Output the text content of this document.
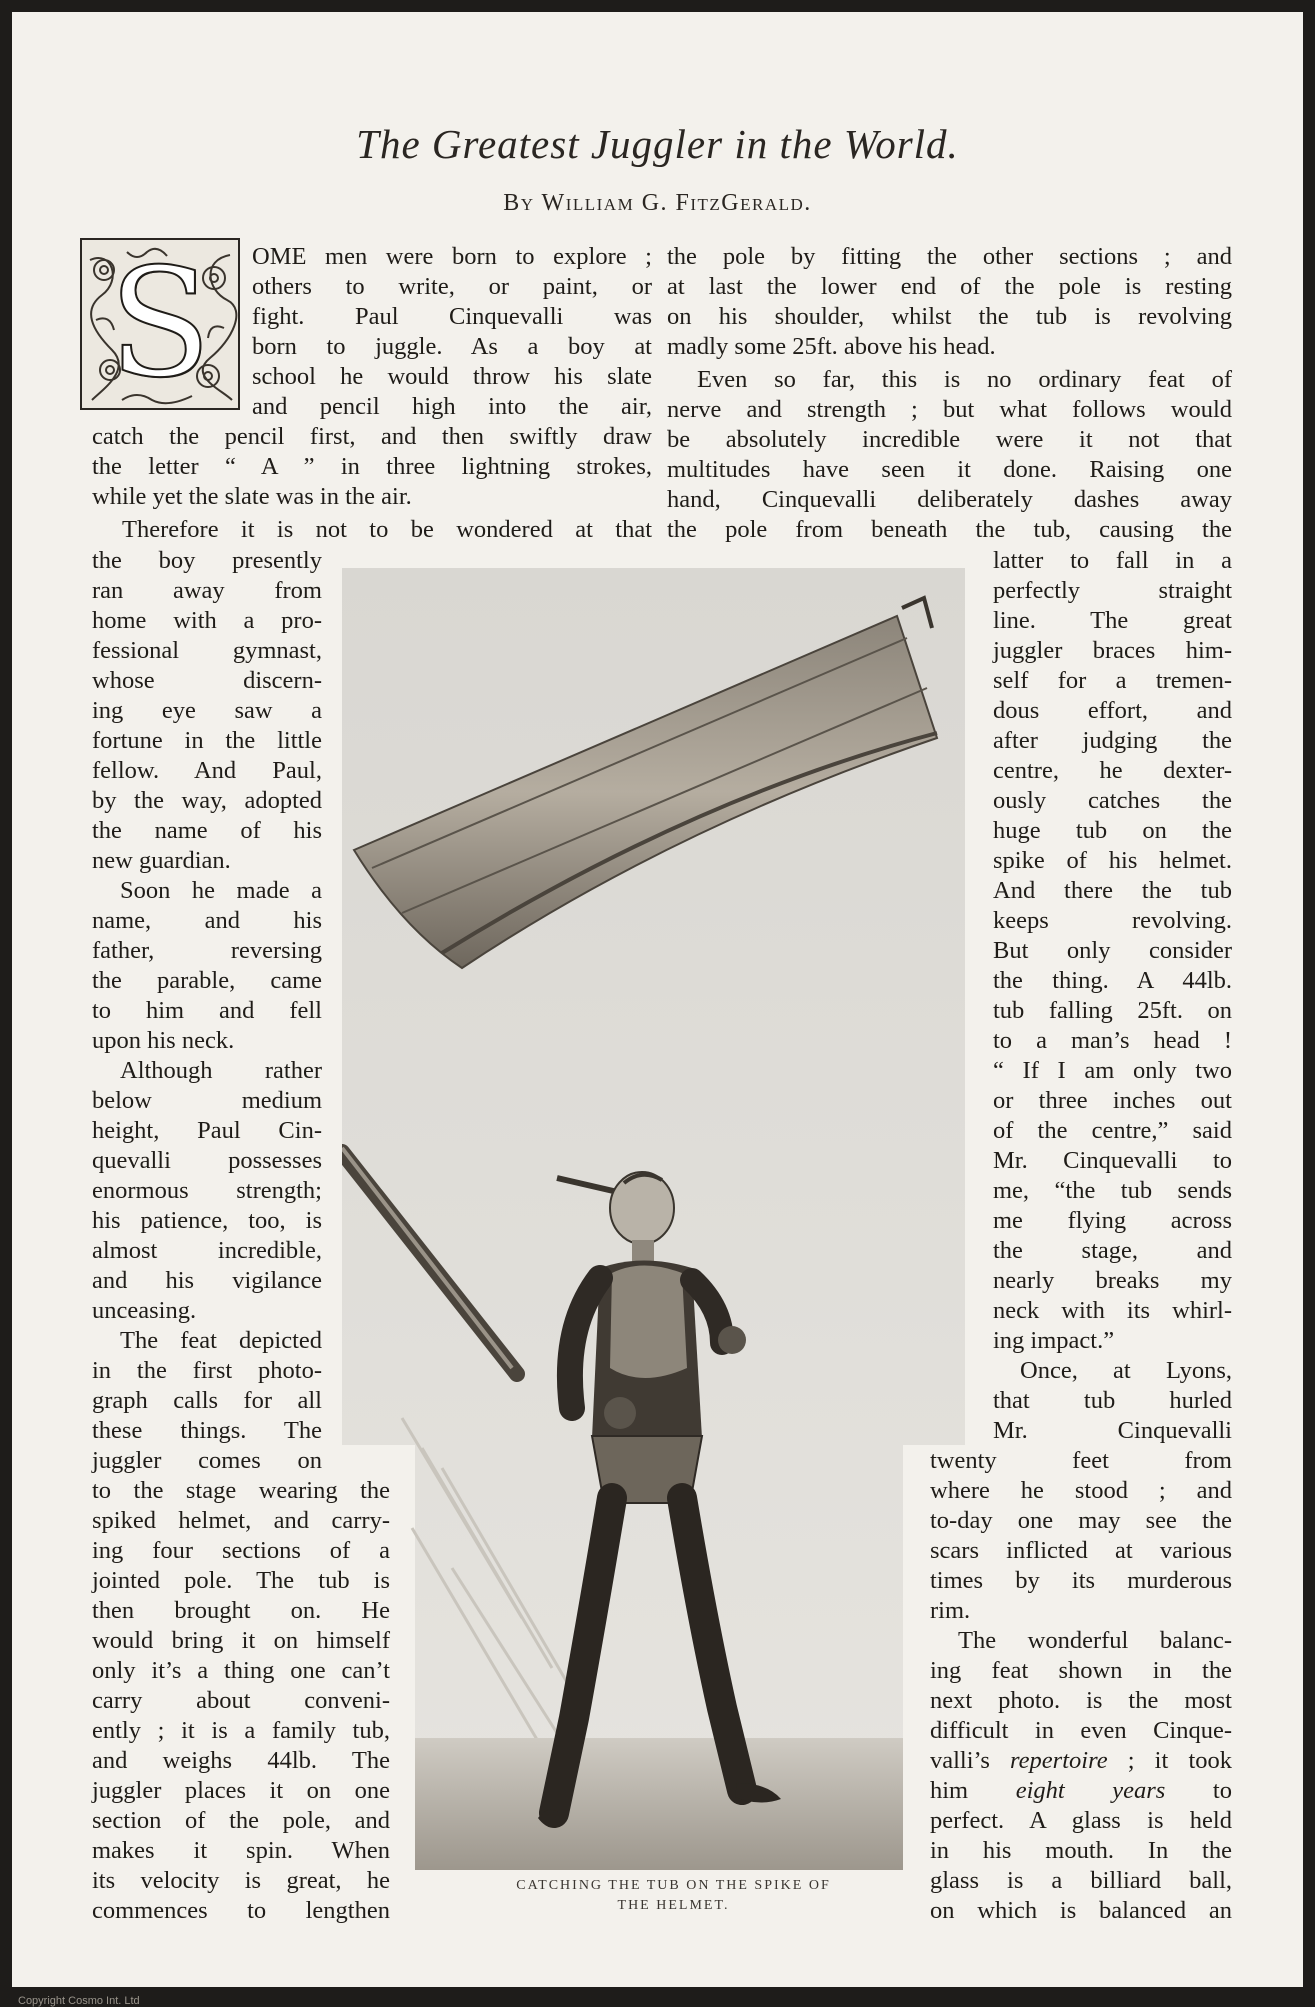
The Greatest Juggler in the World.
By William G. FitzGerald.
S	OME men were born to explore ;
others to write, or paint, or
fight. Paul Cinquevalli was
born to juggle. As a boy at
school he would throw his slate
and pencil high into the air,
catch the pencil first, and then swiftly draw
the letter “ A ” in three lightning strokes,
while yet the slate was in the air.
Therefore it is not to be wondered at that
the boy presently
ran away from
home with a pro-
fessional gymnast,
whose discern-
ing eye saw a
fortune in the little
fellow. And Paul,
by the way, adopted
the name of his
new guardian.
Soon he made a
name, and his
father, reversing
the parable, came
to him and fell
upon his neck.
Although rather
below medium
height, Paul Cin-
quevalli possesses
enormous strength;
his patience, too, is
almost incredible,
and his vigilance
unceasing.
The feat depicted
in the first photo-
graph calls for all
these things. The
juggler comes on
to the stage wearing the
spiked helmet, and carry-
ing four sections of a
jointed pole. The tub is
then brought on. He
would bring it on himself
only it’s a thing one can’t
carry about conveni-
ently ; it is a family tub,
and weighs 44lb. The
juggler places it on one
section of the pole, and
makes it spin. When
its velocity is great, he
commences to lengthen
the pole by fitting the other sections ; and
at last the lower end of the pole is resting
on his shoulder, whilst the tub is revolving
madly some 25ft. above his head.
Even so far, this is no ordinary feat of
nerve and strength ; but what follows would
be absolutely incredible were it not that
multitudes have seen it done. Raising one
hand, Cinquevalli deliberately dashes away
the pole from beneath the tub, causing the
latter to fall in a
perfectly straight
line. The great
juggler braces him-
self for a tremen-
dous effort, and
after judging the
centre, he dexter-
ously catches the
huge tub on the
spike of his helmet.
And there the tub
keeps revolving.
But only consider
the thing. A 44lb.
tub falling 25ft. on
to a man’s head !
“ If I am only two
or three inches out
of the centre,” said
Mr. Cinquevalli to
me, “the tub sends
me flying across
the stage, and
nearly breaks my
neck with its whirl-
ing impact.”
Once, at Lyons,
that tub hurled
Mr. Cinquevalli
twenty feet from
where he stood ; and
to-day one may see the
scars inflicted at various
times by its murderous
rim.
The wonderful balanc-
ing feat shown in the
next photo. is the most
difficult in even Cinque-
valli’s repertoire ; it took
him eight years to
perfect. A glass is held
in his mouth. In the
glass is a billiard ball,
on which is balanced an
CATCHING THE TUB ON THE SPIKE OF
THE HELMET.
Copyright Cosmo Int. Ltd
